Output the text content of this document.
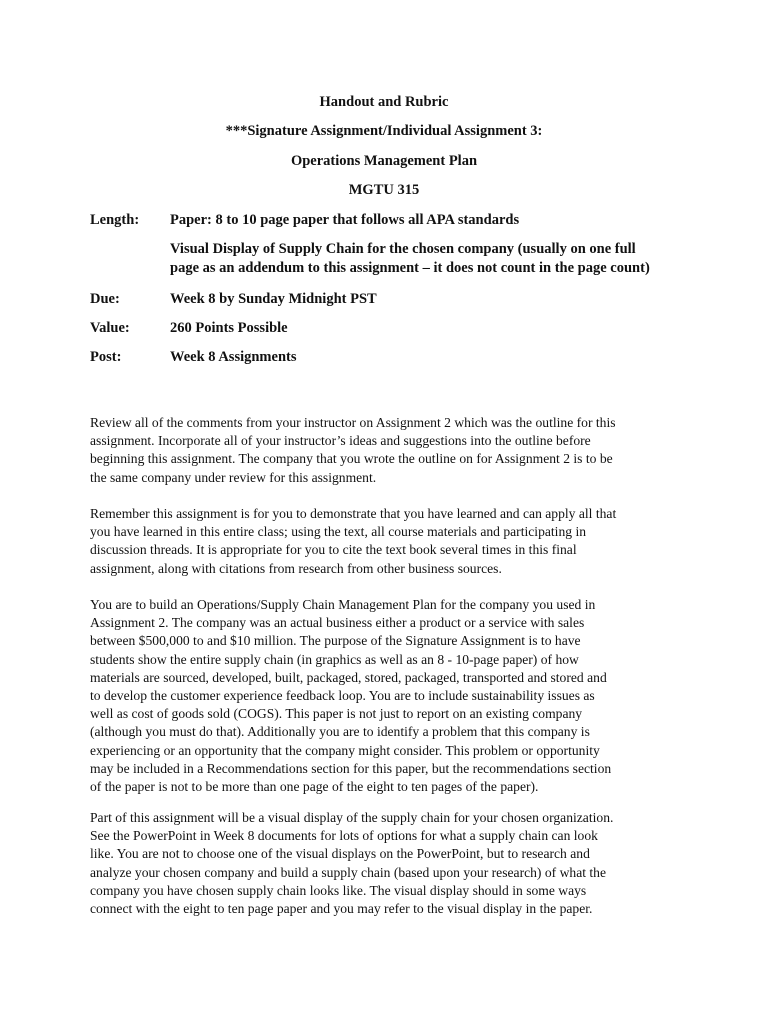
Handout and Rubric
***Signature Assignment/Individual Assignment 3:
Operations Management Plan
MGTU 315
Length:	Paper: 8 to 10 page paper that follows all APA standards
Visual Display of Supply Chain for the chosen company (usually on one full
page as an addendum to this assignment – it does not count in the page count)
Due:	Week 8 by Sunday Midnight PST
Value:	260 Points Possible
Post:	Week 8 Assignments
Review all of the comments from your instructor on Assignment 2 which was the outline for this
assignment. Incorporate all of your instructor’s ideas and suggestions into the outline before
beginning this assignment. The company that you wrote the outline on for Assignment 2 is to be
the same company under review for this assignment.
Remember this assignment is for you to demonstrate that you have learned and can apply all that
you have learned in this entire class; using the text, all course materials and participating in
discussion threads. It is appropriate for you to cite the text book several times in this final
assignment, along with citations from research from other business sources.
You are to build an Operations/Supply Chain Management Plan for the company you used in
Assignment 2. The company was an actual business either a product or a service with sales
between $500,000 to and $10 million. The purpose of the Signature Assignment is to have
students show the entire supply chain (in graphics as well as an 8 - 10-page paper) of how
materials are sourced, developed, built, packaged, stored, packaged, transported and stored and
to develop the customer experience feedback loop. You are to include sustainability issues as
well as cost of goods sold (COGS). This paper is not just to report on an existing company
(although you must do that). Additionally you are to identify a problem that this company is
experiencing or an opportunity that the company might consider. This problem or opportunity
may be included in a Recommendations section for this paper, but the recommendations section
of the paper is not to be more than one page of the eight to ten pages of the paper).
Part of this assignment will be a visual display of the supply chain for your chosen organization.
See the PowerPoint in Week 8 documents for lots of options for what a supply chain can look
like. You are not to choose one of the visual displays on the PowerPoint, but to research and
analyze your chosen company and build a supply chain (based upon your research) of what the
company you have chosen supply chain looks like. The visual display should in some ways
connect with the eight to ten page paper and you may refer to the visual display in the paper.
